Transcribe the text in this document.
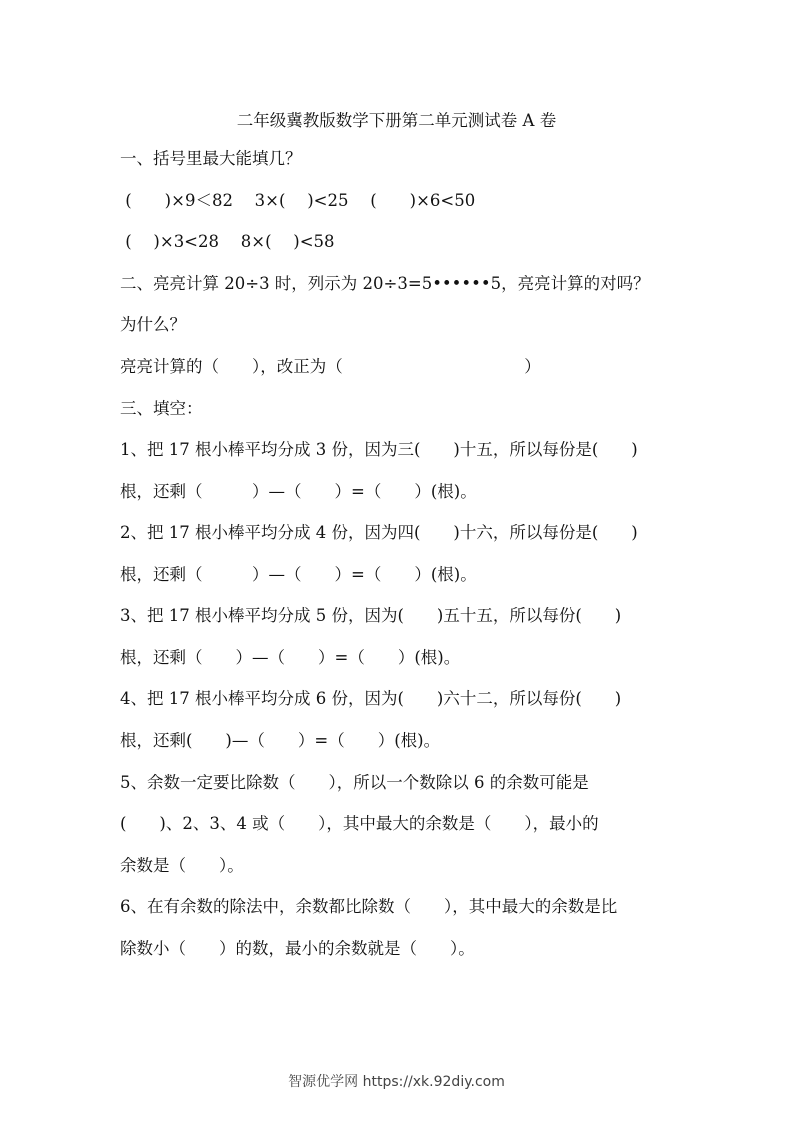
二年级冀教版数学下册第二单元测试卷 A 卷
一、括号里最大能填几？
(　　)×9＜82　 3×(　 )<25　 (　　)×6<50
(　 )×3<28　 8×(　 )<58
二、亮亮计算 20÷3 时，列示为 20÷3=5••••••5，亮亮计算的对吗？
为什么？
亮亮计算的（　　），改正为（　　　　　　　　　　　）
三、填空：
1、把 17 根小棒平均分成 3 份，因为三(　　)十五，所以每份是(　　)
根，还剩（　　　）—（　　）=（　　）(根)。
2、把 17 根小棒平均分成 4 份，因为四(　　)十六，所以每份是(　　)
根，还剩（　　　）—（　　）=（　　）(根)。
3、把 17 根小棒平均分成 5 份，因为(　　)五十五，所以每份(　　)
根，还剩（　　）—（　　）=（　　）(根)。
4、把 17 根小棒平均分成 6 份，因为(　　)六十二，所以每份(　　)
根，还剩(　　)—（　　）=（　　）(根)。
5、余数一定要比除数（　　），所以一个数除以 6 的余数可能是
(　　)、2、3、4 或（　　），其中最大的余数是（　　），最小的
余数是（　　）。
6、在有余数的除法中，余数都比除数（　　），其中最大的余数是比
除数小（　　）的数，最小的余数就是（　　）。
智源优学网 https://xk.92diy.com
